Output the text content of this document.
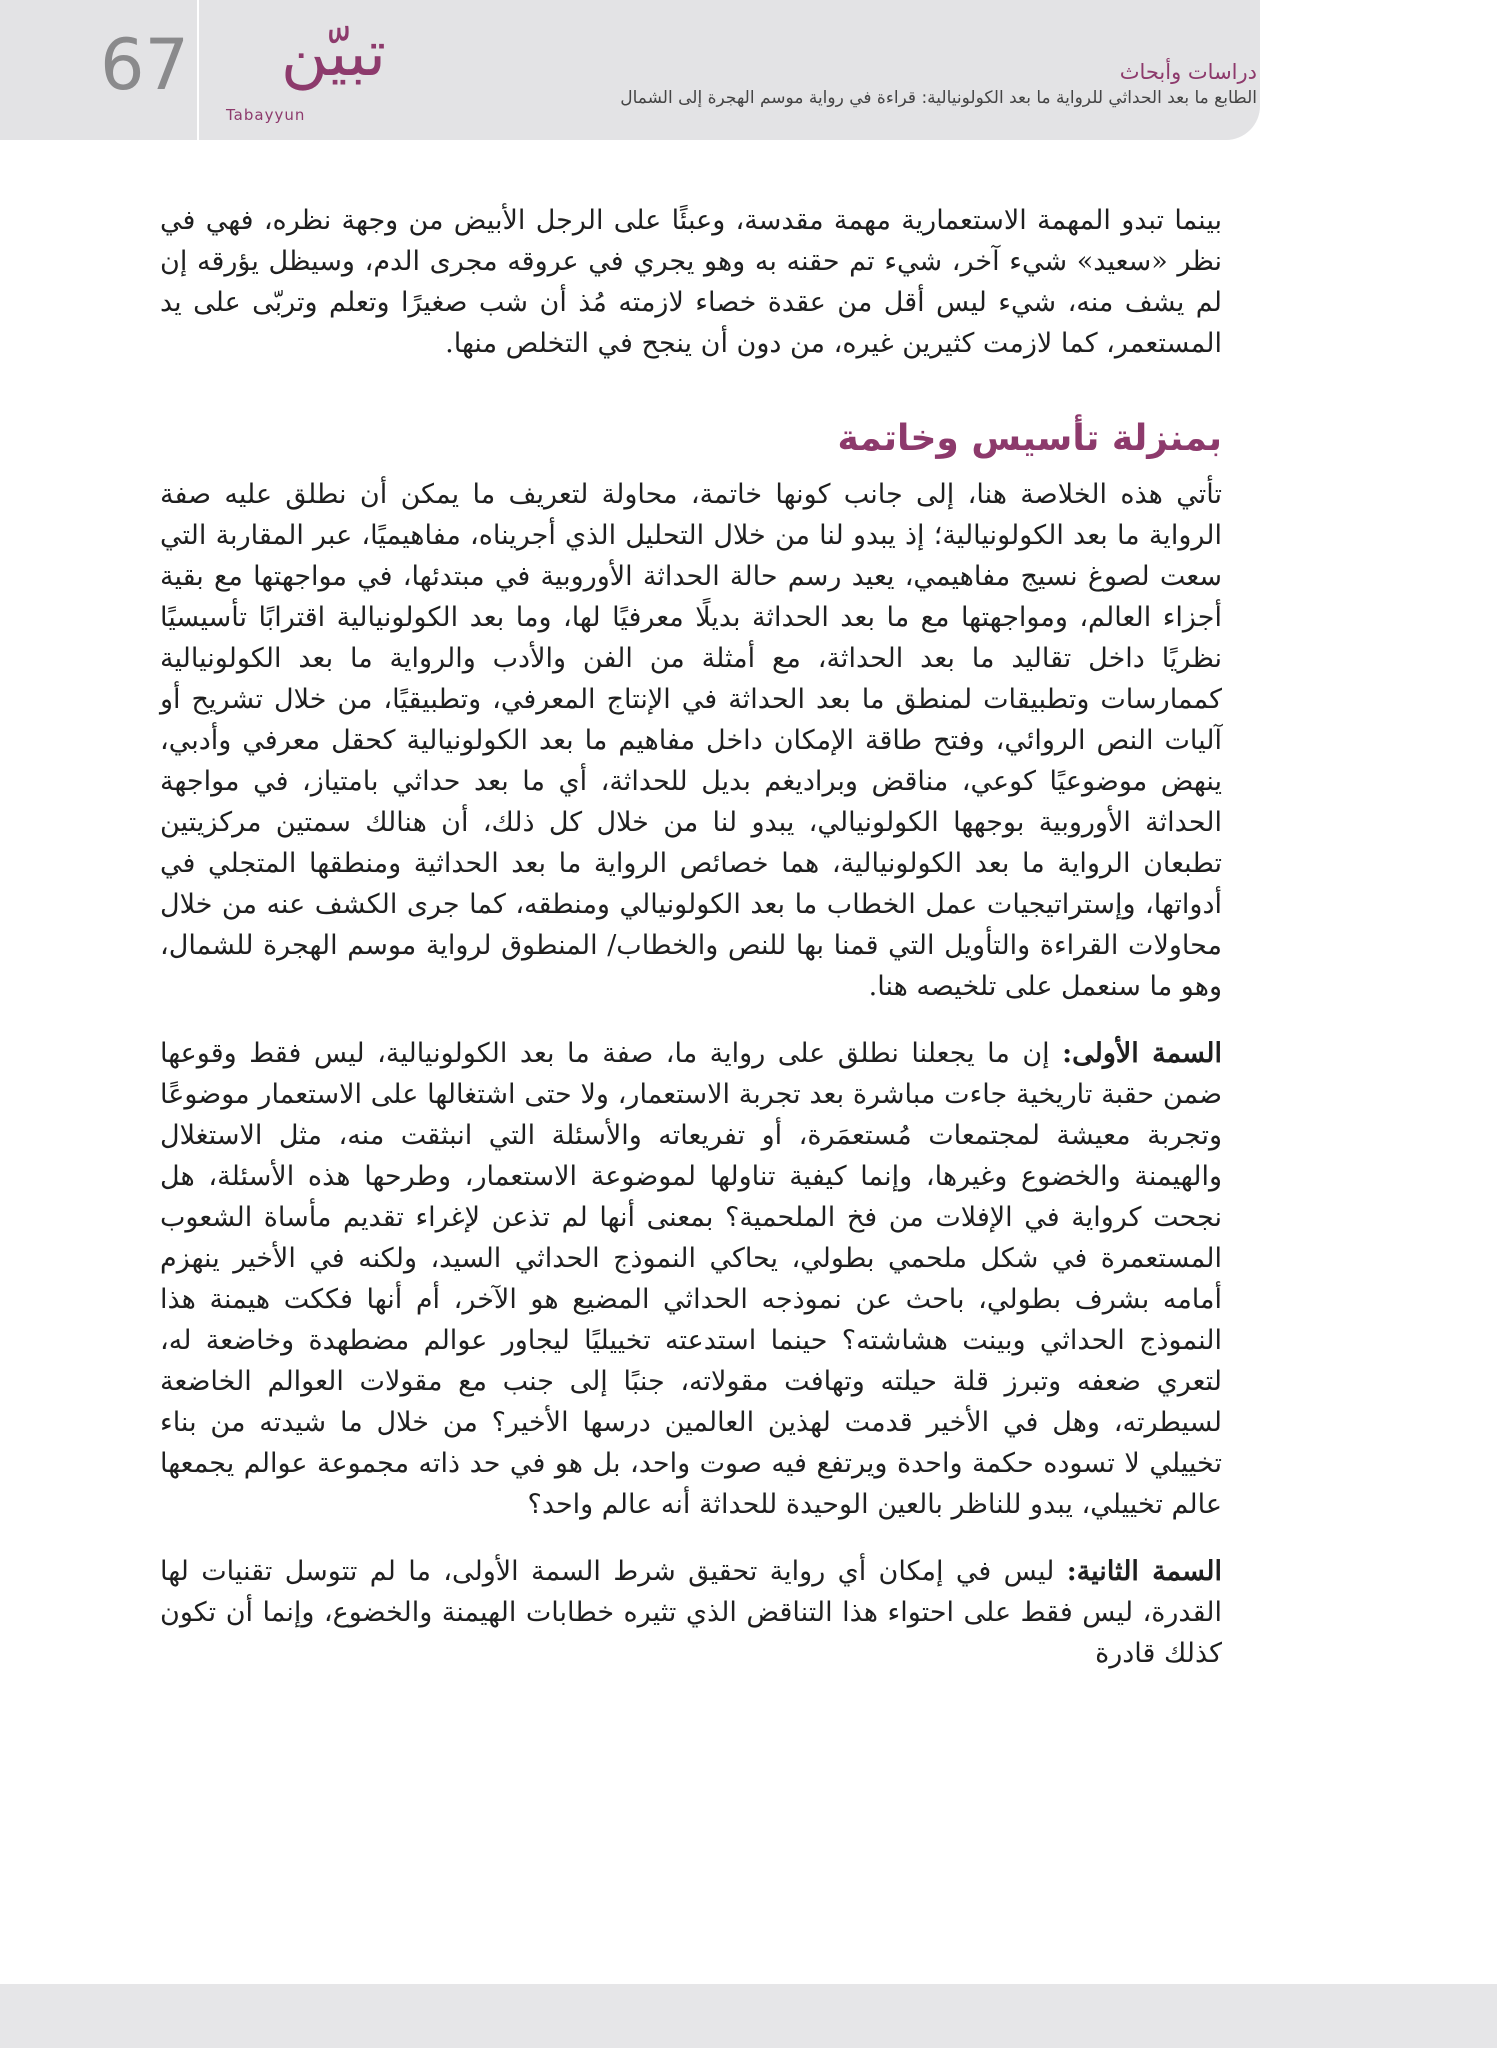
67 تبيّن
Tabayyun
دراسات وأبحاث
الطابع ما بعد الحداثي للرواية ما بعد الكولونيالية: قراءة في رواية موسم الهجرة إلى الشمال

بينما تبدو المهمة الاستعمارية مهمة مقدسة، وعبئًا على الرجل الأبيض من وجهة نظره، فهي في نظر «سعيد» شيء آخر، شيء تم حقنه به وهو يجري في عروقه مجرى الدم، وسيظل يؤرقه إن لم يشف منه، شيء ليس أقل من عقدة خصاء لازمته مُذ أن شب صغيرًا وتعلم وتربّى على يد المستعمر، كما لازمت كثيرين غيره، من دون أن ينجح في التخلص منها.

بمنزلة تأسيس وخاتمة

تأتي هذه الخلاصة هنا، إلى جانب كونها خاتمة، محاولة لتعريف ما يمكن أن نطلق عليه صفة الرواية ما بعد الكولونيالية؛ إذ يبدو لنا من خلال التحليل الذي أجريناه، مفاهيميًا، عبر المقاربة التي سعت لصوغ نسيج مفاهيمي، يعيد رسم حالة الحداثة الأوروبية في مبتدئها، في مواجهتها مع بقية أجزاء العالم، ومواجهتها مع ما بعد الحداثة بديلًا معرفيًا لها، وما بعد الكولونيالية اقترابًا تأسيسيًا نظريًا داخل تقاليد ما بعد الحداثة، مع أمثلة من الفن والأدب والرواية ما بعد الكولونيالية كممارسات وتطبيقات لمنطق ما بعد الحداثة في الإنتاج المعرفي، وتطبيقيًا، من خلال تشريح أو آليات النص الروائي، وفتح طاقة الإمكان داخل مفاهيم ما بعد الكولونيالية كحقل معرفي وأدبي، ينهض موضوعيًا كوعي، مناقض وبراديغم بديل للحداثة، أي ما بعد حداثي بامتياز، في مواجهة الحداثة الأوروبية بوجهها الكولونيالي، يبدو لنا من خلال كل ذلك، أن هنالك سمتين مركزيتين تطبعان الرواية ما بعد الكولونيالية، هما خصائص الرواية ما بعد الحداثية ومنطقها المتجلي في أدواتها، وإستراتيجيات عمل الخطاب ما بعد الكولونيالي ومنطقه، كما جرى الكشف عنه من خلال محاولات القراءة والتأويل التي قمنا بها للنص والخطاب/ المنطوق لرواية موسم الهجرة للشمال، وهو ما سنعمل على تلخيصه هنا.

السمة الأولى: إن ما يجعلنا نطلق على رواية ما، صفة ما بعد الكولونيالية، ليس فقط وقوعها ضمن حقبة تاريخية جاءت مباشرة بعد تجربة الاستعمار، ولا حتى اشتغالها على الاستعمار موضوعًا وتجربة معيشة لمجتمعات مُستعمَرة، أو تفريعاته والأسئلة التي انبثقت منه، مثل الاستغلال والهيمنة والخضوع وغيرها، وإنما كيفية تناولها لموضوعة الاستعمار، وطرحها هذه الأسئلة، هل نجحت كرواية في الإفلات من فخ الملحمية؟ بمعنى أنها لم تذعن لإغراء تقديم مأساة الشعوب المستعمرة في شكل ملحمي بطولي، يحاكي النموذج الحداثي السيد، ولكنه في الأخير ينهزم أمامه بشرف بطولي، باحث عن نموذجه الحداثي المضيع هو الآخر، أم أنها فككت هيمنة هذا النموذج الحداثي وبينت هشاشته؟ حينما استدعته تخييليًا ليجاور عوالم مضطهدة وخاضعة له، لتعري ضعفه وتبرز قلة حيلته وتهافت مقولاته، جنبًا إلى جنب مع مقولات العوالم الخاضعة لسيطرته، وهل في الأخير قدمت لهذين العالمين درسها الأخير؟ من خلال ما شيدته من بناء تخييلي لا تسوده حكمة واحدة ويرتفع فيه صوت واحد، بل هو في حد ذاته مجموعة عوالم يجمعها عالم تخييلي، يبدو للناظر بالعين الوحيدة للحداثة أنه عالم واحد؟

السمة الثانية: ليس في إمكان أي رواية تحقيق شرط السمة الأولى، ما لم تتوسل تقنيات لها القدرة، ليس فقط على احتواء هذا التناقض الذي تثيره خطابات الهيمنة والخضوع، وإنما أن تكون كذلك قادرة
